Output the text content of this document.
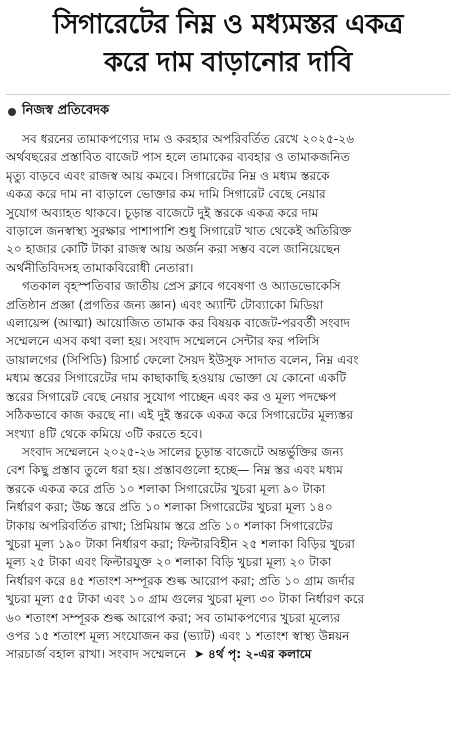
সিগারেটের নিম্ন ও মধ্যমস্তর একত্র
করে দাম বাড়ানোর দাবি
নিজস্ব প্রতিবেদক
সব ধরনের তামাকপণ্যের দাম ও করহার অপরিবর্তিত রেখে ২০২৫-২৬
অর্থবছরের প্রস্তাবিত বাজেট পাস হলে তামাকের ব্যবহার ও তামাকজনিত
মৃত্যু বাড়বে এবং রাজস্ব আয় কমবে। সিগারেটের নিম্ন ও মধ্যম স্তরকে
একত্র করে দাম না বাড়ালে ভোক্তার কম দামি সিগারেট বেছে নেয়ার
সুযোগ অব্যাহত থাকবে। চূড়ান্ত বাজেটে দুই স্তরকে একত্র করে দাম
বাড়ালে জনস্বাস্থ্য সুরক্ষার পাশাপাশি শুধু সিগারেট খাত থেকেই অতিরিক্ত
২০ হাজার কোটি টাকা রাজস্ব আয় অর্জন করা সম্ভব বলে জানিয়েছেন
অর্থনীতিবিদসহ তামাকবিরোধী নেতারা।
গতকাল বৃহস্পতিবার জাতীয় প্রেস ক্লাবে গবেষণা ও অ্যাডভোকেসি
প্রতিষ্ঠান প্রজ্ঞা (প্রগতির জন্য জ্ঞান) এবং অ্যান্টি টোব্যাকো মিডিয়া
এলায়েন্স (আত্মা) আয়োজিত তামাক কর বিষয়ক বাজেট-পরবর্তী সংবাদ
সম্মেলনে এসব কথা বলা হয়। সংবাদ সম্মেলনে সেন্টার ফর পলিসি
ডায়ালগের (সিপিডি) রিসার্চ ফেলো সৈয়দ ইউসুফ সাদাত বলেন, নিম্ন এবং
মধ্যম স্তরের সিগারেটের দাম কাছাকাছি হওয়ায় ভোক্তা যে কোনো একটি
স্তরের সিগারেট বেছে নেয়ার সুযোগ পাচ্ছেন এবং কর ও মূল্য পদক্ষেপ
সঠিকভাবে কাজ করছে না। এই দুই স্তরকে একত্র করে সিগারেটের মূল্যস্তর
সংখ্যা ৪টি থেকে কমিয়ে ৩টি করতে হবে।
সংবাদ সম্মেলনে ২০২৫-২৬ সালের চূড়ান্ত বাজেটে অন্তর্ভুক্তির জন্য
বেশ কিছু প্রস্তাব তুলে ধরা হয়। প্রস্তাবগুলো হচ্ছে— নিম্ন স্তর এবং মধ্যম
স্তরকে একত্র করে প্রতি ১০ শলাকা সিগারেটের খুচরা মূল্য ৯০ টাকা
নির্ধারণ করা; উচ্চ স্তরে প্রতি ১০ শলাকা সিগারেটের খুচরা মূল্য ১৪০
টাকায় অপরিবর্তিত রাখা; প্রিমিয়াম স্তরে প্রতি ১০ শলাকা সিগারেটের
খুচরা মূল্য ১৯০ টাকা নির্ধারণ করা; ফিল্টারবিহীন ২৫ শলাকা বিড়ির খুচরা
মূল্য ২৫ টাকা এবং ফিল্টারযুক্ত ২০ শলাকা বিড়ি খুচরা মূল্য ২০ টাকা
নির্ধারণ করে ৪৫ শতাংশ সম্পূরক শুল্ক আরোপ করা; প্রতি ১০ গ্রাম জর্দার
খুচরা মূল্য ৫৫ টাকা এবং ১০ গ্রাম গুলের খুচরা মূল্য ৩০ টাকা নির্ধারণ করে
৬০ শতাংশ সম্পূরক শুল্ক আরোপ করা; সব তামাকপণ্যের খুচরা মূল্যের
ওপর ১৫ শতাংশ মূল্য সংযোজন কর (ভ্যাট) এবং ১ শতাংশ স্বাস্থ্য উন্নয়ন
সারচার্জ বহাল রাখা। সংবাদ সম্মেলনে ➤ ৪র্থ পৃ: ২-এর কলামে
